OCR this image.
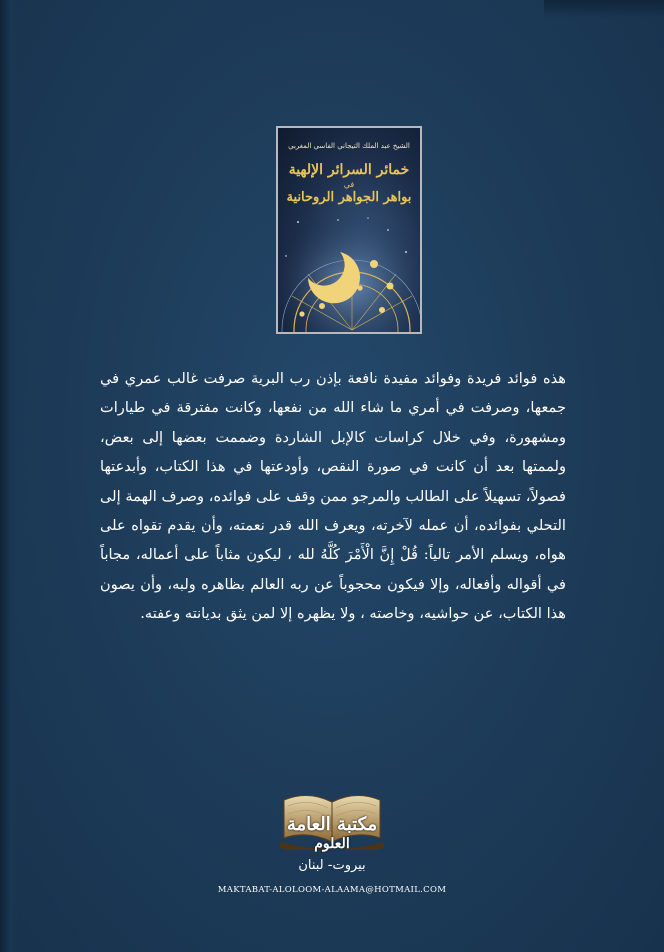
الشيخ عبد الملك التيجاني الفاسي المغربي
خمائر السرائر الإلهية
في
بواهر الجواهر الروحانية
هذه فوائد فريدة وفوائد مفيدة نافعة بإذن رب البرية صرفت غالب عمري في جمعها، وصرفت في أمري ما شاء الله من نفعها، وكانت مفترقة في طيارات ومشهورة، وفي خلال كراسات كالإبل الشاردة وضممت بعضها إلى بعض، ولممتها بعد أن كانت في صورة النقص، وأودعتها في هذا الكتاب، وأبدعتها فصولاً، تسهيلاً على الطالب والمرجو ممن وقف على فوائده، وصرف الهمة إلى التحلي بفوائده، أن عمله لآخرته، ويعرف الله قدر نعمته، وأن يقدم تقواه على هواه، ويسلم الأمر تالياً: قُلْ إِنَّ الْأَمْرَ كُلَّهُ لله ، ليكون مثاباً على أعماله، مجاباً في أقواله وأفعاله، وإلا فيكون محجوباً عن ربه العالم بظاهره ولبه، وأن يصون هذا الكتاب، عن حواشيه، وخاصته ، ولا يظهره إلا لمن يثق بديانته وعفته.
مكتبة العامة
العلوم
بيروت- لبنان
MAKTABAT-ALOLOOM-ALAAMA@HOTMAIL.COM
